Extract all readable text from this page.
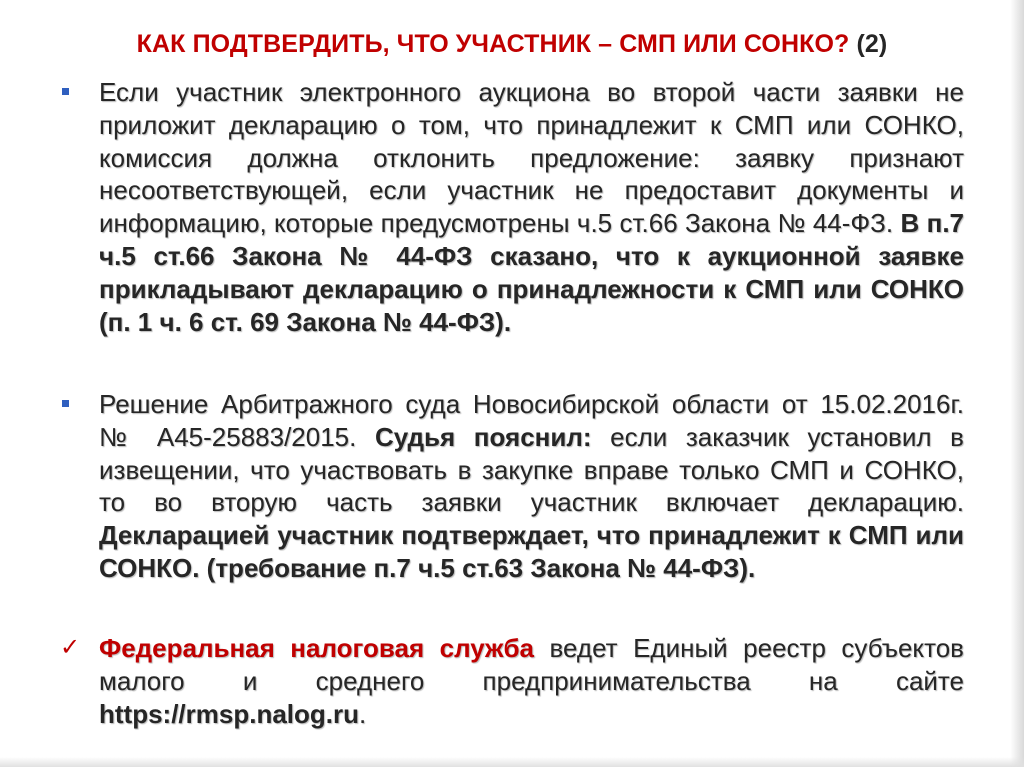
КАК ПОДТВЕРДИТЬ, ЧТО УЧАСТНИК – СМП ИЛИ СОНКО? (2)
Если участник электронного аукциона во второй части заявки не приложит декларацию о том, что принадлежит к СМП или СОНКО, комиссия должна отклонить предложение: заявку признают несоответствующей, если участник не предоставит документы и информацию, которые предусмотрены ч.5 ст.66 Закона № 44-ФЗ. В п.7 ч.5 ст.66 Закона № 44-ФЗ сказано, что к аукционной заявке прикладывают декларацию о принадлежности к СМП или СОНКО (п. 1 ч. 6 ст. 69 Закона № 44-ФЗ).
Решение Арбитражного суда Новосибирской области от 15.02.2016г. № А45-25883/2015. Судья пояснил: если заказчик установил в извещении, что участвовать в закупке вправе только СМП и СОНКО, то во вторую часть заявки участник включает декларацию. Декларацией участник подтверждает, что принадлежит к СМП или СОНКО. (требование п.7 ч.5 ст.63 Закона № 44-ФЗ).
✓ Федеральная налоговая служба ведет Единый реестр субъектов малого и среднего предпринимательства на сайте https://rmsp.nalog.ru.
